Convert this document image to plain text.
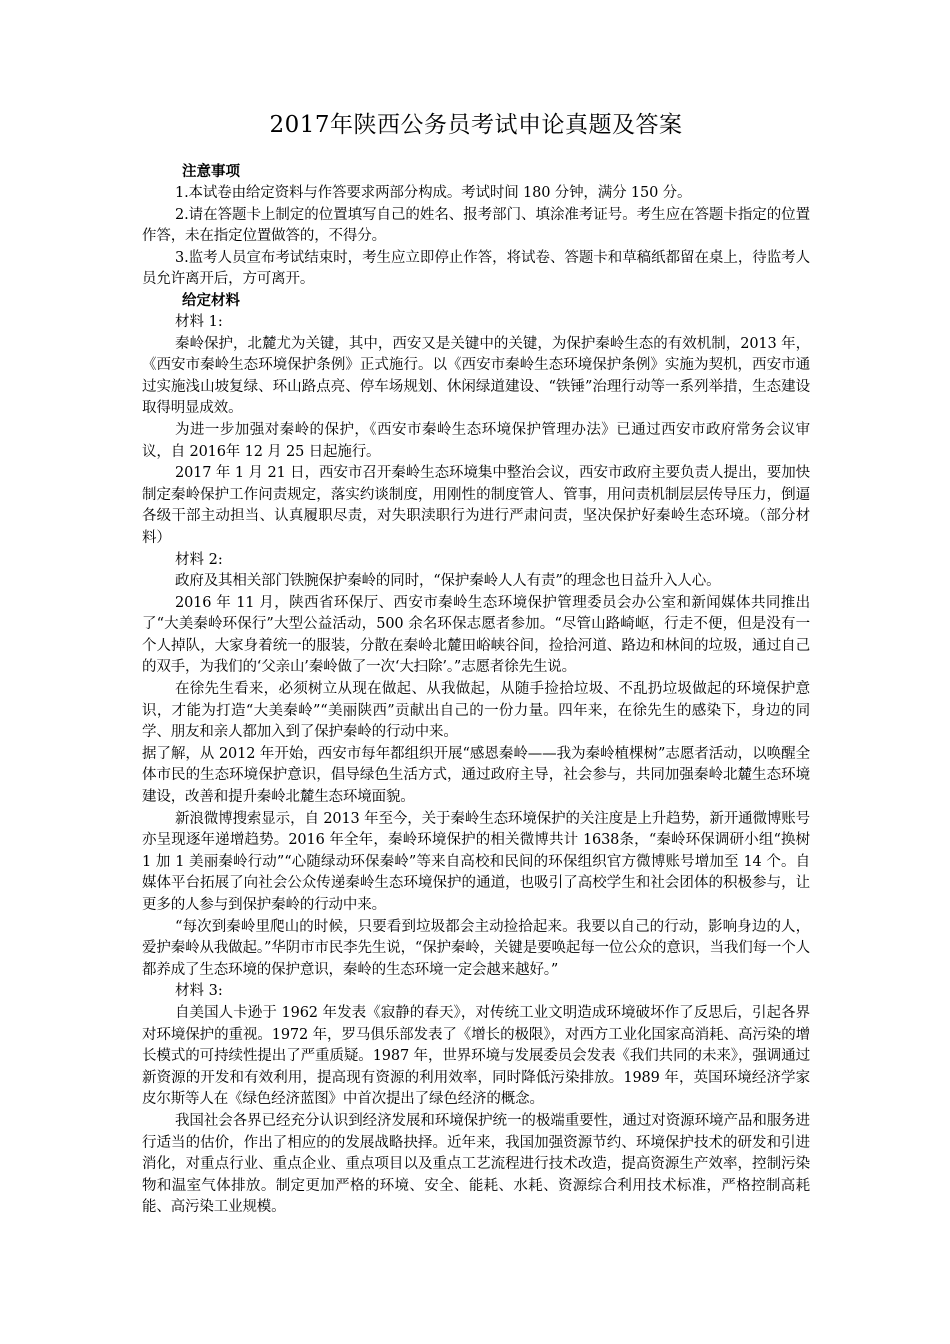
2017年陕西公务员考试申论真题及答案

注意事项

1.本试卷由给定资料与作答要求两部分构成。考试时间 180 分钟，满分 150 分。

2.请在答题卡上制定的位置填写自己的姓名、报考部门、填涂准考证号。考生应在答题卡指定的位置作答，未在指定位置做答的，不得分。

3.监考人员宣布考试结束时，考生应立即停止作答，将试卷、答题卡和草稿纸都留在桌上，待监考人员允许离开后，方可离开。

给定材料

材料 1:

秦岭保护，北麓尤为关键，其中，西安又是关键中的关键，为保护秦岭生态的有效机制，2013 年，《西安市秦岭生态环境保护条例》正式施行。以《西安市秦岭生态环境保护条例》实施为契机，西安市通过实施浅山坡复绿、环山路点亮、停车场规划、休闲绿道建设、“铁锤”治理行动等一系列举措，生态建设取得明显成效。

为进一步加强对秦岭的保护，《西安市秦岭生态环境保护管理办法》已通过西安市政府常务会议审议，自 2016年 12 月 25 日起施行。

2017 年 1 月 21 日，西安市召开秦岭生态环境集中整治会议，西安市政府主要负责人提出，要加快制定秦岭保护工作问责规定，落实约谈制度，用刚性的制度管人、管事，用问责机制层层传导压力，倒逼各级干部主动担当、认真履职尽责，对失职渎职行为进行严肃问责，坚决保护好秦岭生态环境。（部分材料）

材料 2:

政府及其相关部门铁腕保护秦岭的同时，“保护秦岭人人有责”的理念也日益升入人心。

2016 年 11 月，陕西省环保厅、西安市秦岭生态环境保护管理委员会办公室和新闻媒体共同推出了“大美秦岭环保行”大型公益活动，500 余名环保志愿者参加。“尽管山路崎岖，行走不便，但是没有一个人掉队，大家身着统一的服装，分散在秦岭北麓田峪峡谷间，捡拾河道、路边和林间的垃圾，通过自己的双手，为我们的‘父亲山’秦岭做了一次‘大扫除’。”志愿者徐先生说。

在徐先生看来，必须树立从现在做起、从我做起，从随手捡拾垃圾、不乱扔垃圾做起的环境保护意识，才能为打造“大美秦岭”“美丽陕西”贡献出自己的一份力量。四年来，在徐先生的感染下，身边的同学、朋友和亲人都加入到了保护秦岭的行动中来。

据了解，从 2012 年开始，西安市每年都组织开展“感恩秦岭——我为秦岭植棵树”志愿者活动，以唤醒全体市民的生态环境保护意识，倡导绿色生活方式，通过政府主导，社会参与，共同加强秦岭北麓生态环境建设，改善和提升秦岭北麓生态环境面貌。

新浪微博搜索显示，自 2013 年至今，关于秦岭生态环境保护的关注度是上升趋势，新开通微博账号亦呈现逐年递增趋势。2016 年全年，秦岭环境保护的相关微博共计 1638条，“秦岭环保调研小组“换树 1 加 1 美丽秦岭行动”“心随绿动环保秦岭”等来自高校和民间的环保组织官方微博账号增加至 14 个。自媒体平台拓展了向社会公众传递秦岭生态环境保护的通道，也吸引了高校学生和社会团体的积极参与，让更多的人参与到保护秦岭的行动中来。

“每次到秦岭里爬山的时候，只要看到垃圾都会主动捡拾起来。我要以自己的行动，影响身边的人，爱护秦岭从我做起。”华阴市市民李先生说，“保护秦岭，关键是要唤起每一位公众的意识，当我们每一个人都养成了生态环境的保护意识，秦岭的生态环境一定会越来越好。”

材料 3:

自美国人卡逊于 1962 年发表《寂静的春天》，对传统工业文明造成环境破坏作了反思后，引起各界对环境保护的重视。1972 年，罗马俱乐部发表了《增长的极限》，对西方工业化国家高消耗、高污染的增长模式的可持续性提出了严重质疑。1987 年，世界环境与发展委员会发表《我们共同的未来》，强调通过新资源的开发和有效利用，提高现有资源的利用效率，同时降低污染排放。1989 年，英国环境经济学家皮尔斯等人在《绿色经济蓝图》中首次提出了绿色经济的概念。

我国社会各界已经充分认识到经济发展和环境保护统一的极端重要性，通过对资源环境产品和服务进行适当的估价，作出了相应的的发展战略抉择。近年来，我国加强资源节约、环境保护技术的研发和引进消化，对重点行业、重点企业、重点项目以及重点工艺流程进行技术改造，提高资源生产效率，控制污染物和温室气体排放。制定更加严格的环境、安全、能耗、水耗、资源综合利用技术标准，严格控制高耗能、高污染工业规模。
